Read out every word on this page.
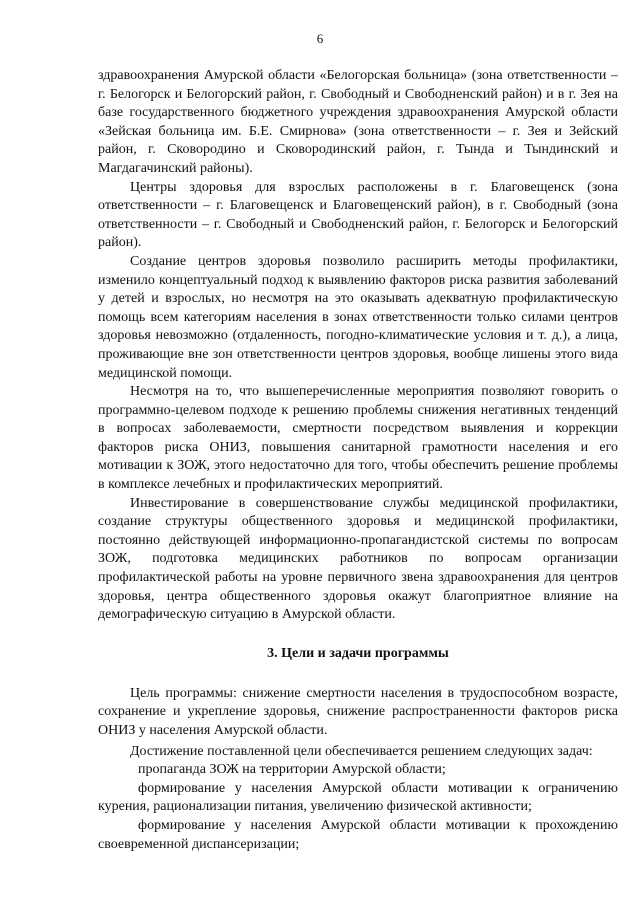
6

здравоохранения Амурской области «Белогорская больница» (зона ответственности – г. Белогорск и Белогорский район, г. Свободный и Свободненский район) и в г. Зея на базе государственного бюджетного учреждения здравоохранения Амурской области «Зейская больница им. Б.Е. Смирнова» (зона ответственности – г. Зея и Зейский район, г. Сковородино и Сковородинский район, г. Тында и Тындинский и Магдагачинский районы).

Центры здоровья для взрослых расположены в г. Благовещенск (зона ответственности – г. Благовещенск и Благовещенский район), в г. Свободный (зона ответственности – г. Свободный и Свободненский район, г. Белогорск и Белогорский район).

Создание центров здоровья позволило расширить методы профилактики, изменило концептуальный подход к выявлению факторов риска развития заболеваний у детей и взрослых, но несмотря на это оказывать адекватную профилактическую помощь всем категориям населения в зонах ответственности только силами центров здоровья невозможно (отдаленность, погодно-климатические условия и т. д.), а лица, проживающие вне зон ответственности центров здоровья, вообще лишены этого вида медицинской помощи.

Несмотря на то, что вышеперечисленные мероприятия позволяют говорить о программно-целевом подходе к решению проблемы снижения негативных тенденций в вопросах заболеваемости, смертности посредством выявления и коррекции факторов риска ОНИЗ, повышения санитарной грамотности населения и его мотивации к ЗОЖ, этого недостаточно для того, чтобы обеспечить решение проблемы в комплексе лечебных и профилактических мероприятий.

Инвестирование в совершенствование службы медицинской профилактики, создание структуры общественного здоровья и медицинской профилактики, постоянно действующей информационно-пропагандистской системы по вопросам ЗОЖ, подготовка медицинских работников по вопросам организации профилактической работы на уровне первичного звена здравоохранения для центров здоровья, центра общественного здоровья окажут благоприятное влияние на демографическую ситуацию в Амурской области.

3. Цели и задачи программы

Цель программы: снижение смертности населения в трудоспособном возрасте, сохранение и укрепление здоровья, снижение распространенности факторов риска ОНИЗ у населения Амурской области.

Достижение поставленной цели обеспечивается решением следующих задач:

пропаганда ЗОЖ на территории Амурской области;

формирование у населения Амурской области мотивации к ограничению курения, рационализации питания, увеличению физической активности;

формирование у населения Амурской области мотивации к прохождению своевременной диспансеризации;
